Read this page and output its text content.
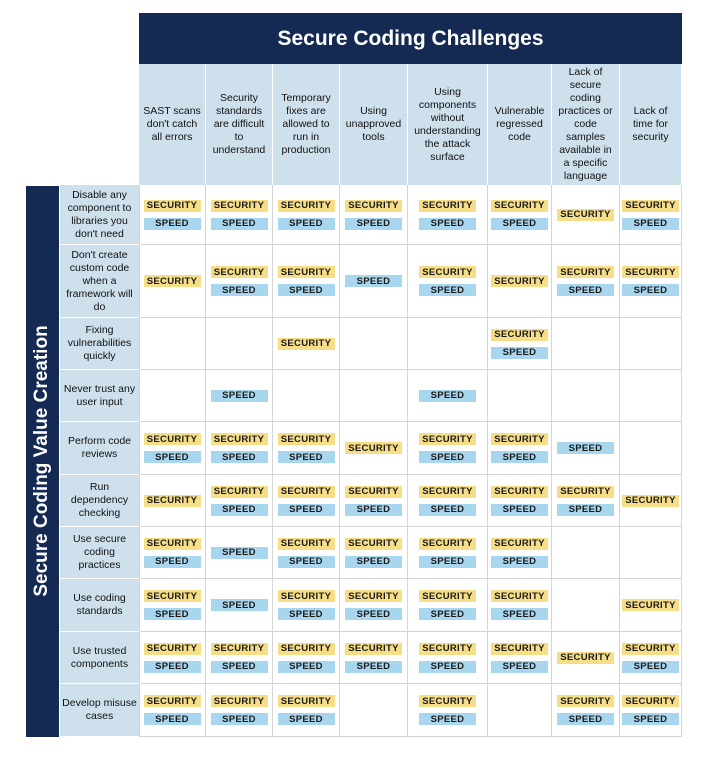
Secure Coding Challenges
Secure Coding Value Creation
SAST scans don't catch all errors
Security standards are difficult to understand
Temporary fixes are allowed to run in production
Using unapproved tools
Using components without understanding the attack surface
Vulnerable regressed code
Lack of secure coding practices or code samples available in a specific language
Lack of time for security
Disable any component to libraries you don't need
SECURITY
SPEED
SECURITY
SPEED
SECURITY
SPEED
SECURITY
SPEED
SECURITY
SPEED
SECURITY
SPEED
SECURITY
SECURITY
SPEED
Don't create custom code when a framework will do
SECURITY
SECURITY
SPEED
SECURITY
SPEED
SPEED
SECURITY
SPEED
SECURITY
SECURITY
SPEED
SECURITY
SPEED
Fixing vulnerabilities quickly
SECURITY
SECURITY
SPEED
Never trust any user input	SPEED	SPEED
Perform code reviews
SECURITY
SPEED
SECURITY
SPEED
SECURITY
SPEED
SECURITY
SECURITY
SPEED
SECURITY
SPEED
SPEED
Run dependency checking
SECURITY
SECURITY
SPEED
SECURITY
SPEED
SECURITY
SPEED
SECURITY
SPEED
SECURITY
SPEED
SECURITY
SPEED
SECURITY
Use secure coding practices
SECURITY
SPEED
SPEED
SECURITY
SPEED
SECURITY
SPEED
SECURITY
SPEED
SECURITY
SPEED
Use coding standards
SECURITY
SPEED
SPEED
SECURITY
SPEED
SECURITY
SPEED
SECURITY
SPEED
SECURITY
SPEED
SECURITY
Use trusted components
SECURITY
SPEED
SECURITY
SPEED
SECURITY
SPEED
SECURITY
SPEED
SECURITY
SPEED
SECURITY
SPEED
SECURITY
SECURITY
SPEED
Develop misuse cases
SECURITY
SPEED
SECURITY
SPEED
SECURITY
SPEED
SECURITY
SPEED
SECURITY
SPEED
SECURITY
SPEED
